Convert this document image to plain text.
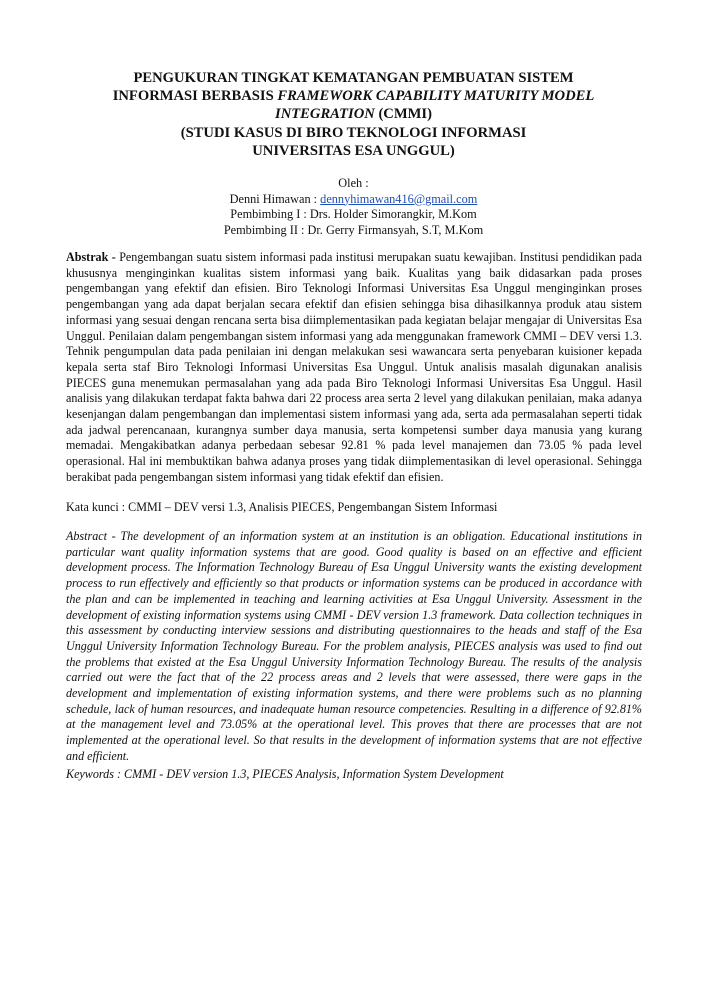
PENGUKURAN TINGKAT KEMATANGAN PEMBUATAN SISTEM
INFORMASI BERBASIS FRAMEWORK CAPABILITY MATURITY MODEL
INTEGRATION (CMMI)
(STUDI KASUS DI BIRO TEKNOLOGI INFORMASI
UNIVERSITAS ESA UNGGUL)
Oleh :
Denni Himawan : dennyhimawan416@gmail.com
Pembimbing I : Drs. Holder Simorangkir, M.Kom
Pembimbing II : Dr. Gerry Firmansyah, S.T, M.Kom

Abstrak - Pengembangan suatu sistem informasi pada institusi merupakan suatu kewajiban. Institusi pendidikan pada khususnya menginginkan kualitas sistem informasi yang baik. Kualitas yang baik didasarkan pada proses pengembangan yang efektif dan efisien. Biro Teknologi Informasi Universitas Esa Unggul menginginkan proses pengembangan yang ada dapat berjalan secara efektif dan efisien sehingga bisa dihasilkannya produk atau sistem informasi yang sesuai dengan rencana serta bisa diimplementasikan pada kegiatan belajar mengajar di Universitas Esa Unggul. Penilaian dalam pengembangan sistem informasi yang ada menggunakan framework CMMI – DEV versi 1.3. Tehnik pengumpulan data pada penilaian ini dengan melakukan sesi wawancara serta penyebaran kuisioner kepada kepala serta staf Biro Teknologi Informasi Universitas Esa Unggul. Untuk analisis masalah digunakan analisis PIECES guna menemukan permasalahan yang ada pada Biro Teknologi Informasi Universitas Esa Unggul. Hasil analisis yang dilakukan terdapat fakta bahwa dari 22 process area serta 2 level yang dilakukan penilaian, maka adanya kesenjangan dalam pengembangan dan implementasi sistem informasi yang ada, serta ada permasalahan seperti tidak ada jadwal perencanaan, kurangnya sumber daya manusia, serta kompetensi sumber daya manusia yang kurang memadai. Mengakibatkan adanya perbedaan sebesar 92.81 % pada level manajemen dan 73.05 % pada level operasional. Hal ini membuktikan bahwa adanya proses yang tidak diimplementasikan di level operasional. Sehingga berakibat pada pengembangan sistem informasi yang tidak efektif dan efisien.

Kata kunci : CMMI – DEV versi 1.3, Analisis PIECES, Pengembangan Sistem Informasi

Abstract - The development of an information system at an institution is an obligation. Educational institutions in particular want quality information systems that are good. Good quality is based on an effective and efficient development process. The Information Technology Bureau of Esa Unggul University wants the existing development process to run effectively and efficiently so that products or information systems can be produced in accordance with the plan and can be implemented in teaching and learning activities at Esa Unggul University. Assessment in the development of existing information systems using CMMI - DEV version 1.3 framework. Data collection techniques in this assessment by conducting interview sessions and distributing questionnaires to the heads and staff of the Esa Unggul University Information Technology Bureau. For the problem analysis, PIECES analysis was used to find out the problems that existed at the Esa Unggul University Information Technology Bureau. The results of the analysis carried out were the fact that of the 22 process areas and 2 levels that were assessed, there were gaps in the development and implementation of existing information systems, and there were problems such as no planning schedule, lack of human resources, and inadequate human resource competencies. Resulting in a difference of 92.81% at the management level and 73.05% at the operational level. This proves that there are processes that are not implemented at the operational level. So that results in the development of information systems that are not effective and efficient.

Keywords : CMMI - DEV version 1.3, PIECES Analysis, Information System Development
